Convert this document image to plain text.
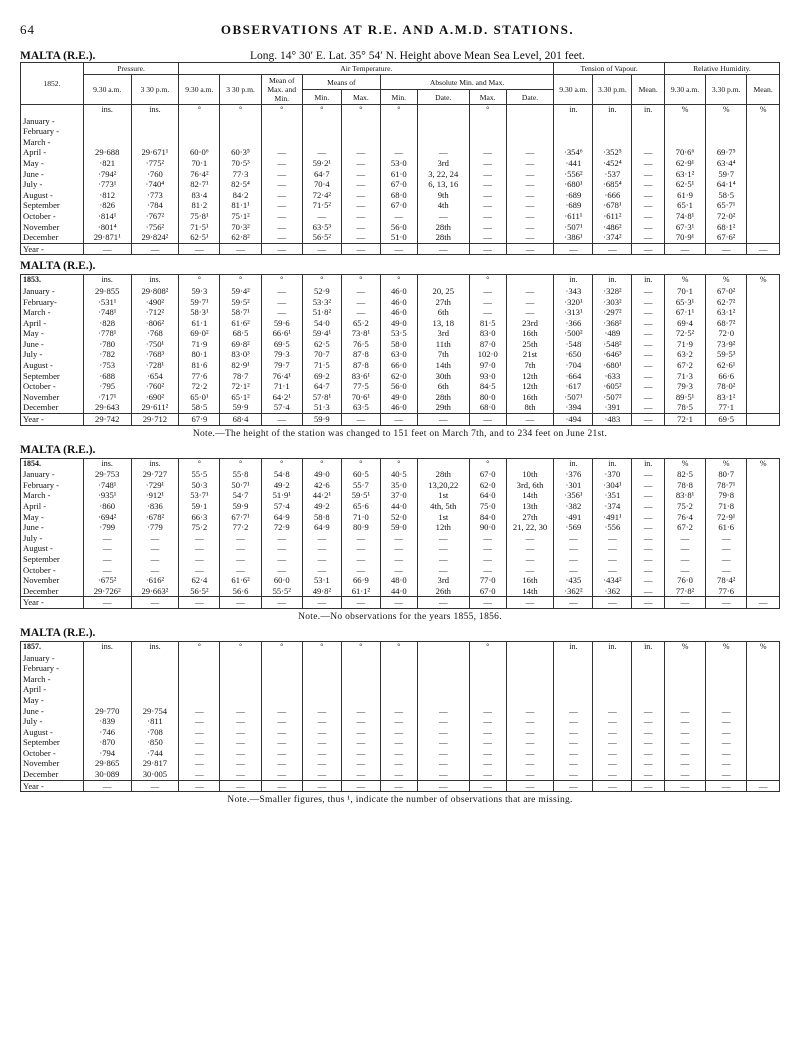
64	OBSERVATIONS AT R.E. AND A.M.D. STATIONS.
MALTA (R.E.).	Long. 14° 30′ E. Lat. 35° 54′ N. Height above Mean Sea Level, 201 feet.
1852.	Pressure.		Air Temperature.									Tension of Vapour.			Relative Humidity.		
	9.30 a.m.	3 30 p.m.	9.30 a.m.	3 30 p.m.	Mean of Max. and Min.	Means of		Absolute Min. and Max.				9.30 a.m.	3.30 p.m.	Mean.	9.30 a.m.	3.30 p.m.	Mean.
						Min.	Max.	Min.	Date.	Max.	Date.						
	ins.	ins.	°	°	°	°	°	°		°		in.	in.	in.	%	%	%
January -																	
February -																	
March -																	
April -	29·688	29·671¹	60·0⁶	60·3⁵	—	—	—	—	—	—	—	·354⁶	·352⁵	—	70·6⁶	69·7⁵	
May -	·821	·775²	70·1	70·5³	—	59·2¹	—	53·0	3rd	—	—	·441	·452⁴	—	62·9¹	63·4⁴	
June -	·794²	·760	76·4²	77·3	—	64·7	—	61·0	3, 22, 24	—	—	·556²	·537	—	63·1²	59·7	
July -	·773¹	·740⁴	82·7¹	82·5⁴	—	70·4	—	67·0	6, 13, 16	—	—	·680¹	·685⁴	—	62·5¹	64·1⁴	
August -	·812	·773	83·4	84·2	—	72·4²	—	68·0	9th	—	—	·689	·666	—	61·9	58·5	
September	·826	·784	81·2	81·1¹	—	71·5²	—	67·0	4th	—	—	·689	·678¹	—	65·1	65·7¹	
October -	·814¹	·767²	75·8¹	75·1²	—	—	—	—	—	—	—	·611¹	·611²	—	74·8¹	72·0²	
November	·801⁴	·756²	71·5¹	70·3²	—	63·5³	—	56·0	28th	—	—	·507¹	·486²	—	67·3¹	68·1²	
December	29·871¹	29·824²	62·5¹	62·8²	—	56·5²	—	51·0	28th	—	—	·386¹	·374²	—	70·9¹	67·6²	
Year -	—	—	—	—	—	—	—	—	—	—	—	—	—	—	—	—	—
MALTA (R.E.).
1853.	ins.	ins.	°	°	°	°	°	°		°		in.	in.	in.	%	%	%
January -	29·855	29·808²	59·3	59·4²	—	52·9	—	46·0	20, 25	—	—	·343	·328²	—	70·1	67·0²	
February-	·531¹	·490²	59·7¹	59·5²	—	53·3²	—	46·0	27th	—	—	·320¹	·303²	—	65·3¹	62·7²	
March -	·748¹	·712²	58·3¹	58·7¹	—	51·8²	—	46·0	6th	—	—	·313¹	·297²	—	67·1¹	63·1²	
April -	·828	·806²	61·1	61·6²	59·6	54·0	65·2	49·0	13, 18	81·5	23rd	·366	·368²	—	69·4	68·7²	
May -	·778¹	·768	69·0²	68·5	66·6¹	59·4¹	73·8¹	53·5	3rd	83·0	16th	·500²	·489	—	72·5²	72·0	
June -	·780	·750¹	71·9	69·8²	69·5	62·5	76·5	58·0	11th	87·0	25th	·548	·548²	—	71·9	73·9²	
July -	·782	·768³	80·1	83·0³	79·3	70·7	87·8	63·0	7th	102·0	21st	·650	·646³	—	63·2	59·5³	
August -	·753	·728¹	81·6	82·9¹	79·7	71·5	87·8	66·0	14th	97·0	7th	·704	·680¹	—	67·2	62·6¹	
September	·688	·654	77·6	78·7	76·4¹	69·2	83·6¹	62·0	30th	93·0	12th	·664	·633	—	71·3	66·6	
October -	·795	·760²	72·2	72·1²	71·1	64·7	77·5	56·0	6th	84·5	12th	·617	·605²	—	79·3	78·0²	
November	·717¹	·690²	65·0¹	65·1²	64·2¹	57·8¹	70·6¹	49·0	28th	80·0	16th	·507¹	·507²	—	89·5¹	83·1²	
December	29·643	29·611²	58·5	59·9	57·4	51·3	63·5	46·0	29th	68·0	8th	·394	·391	—	78·5	77·1	
Year -	29·742	29·712	67·9	68·4	—	59·9	—	—	—	—	—	·494	·483	—	72·1	69·5	
Note.—The height of the station was changed to 151 feet on March 7th, and to 234 feet on June 21st.
MALTA (R.E.).
1854.	ins.	ins.	°	°	°	°	°	°		°		in.	in.	in.	%	%	%
January -	29·753	29·727	55·5	55·8	54·8	49·0	60·5	40·5	28th	67·0	10th	·376	·370	—	82·5	80·7	
February -	·748¹	·729¹	50·3	50·7¹	49·2	42·6	55·7	35·0	13,20,22	62·0	3rd, 6th	·301	·304¹	—	78·8	78·7¹	
March -	·935¹	·912¹	53·7¹	54·7	51·9¹	44·2¹	59·5¹	37·0	1st	64·0	14th	·356¹	·351	—	83·8¹	79·8	
April -	·860	·836	59·1	59·9	57·4	49·2	65·6	44·0	4th, 5th	75·0	13th	·382	·374	—	75·2	71·8	
May -	·694²	·678²	66·3	67·7¹	64·9	58·8	71·0	52·0	1st	84·0	27th	·491	·491¹	—	76·4	72·9¹	
June -	·799	·779	75·2	77·2	72·9	64·9	80·9	59·0	12th	90·0	21, 22, 30	·569	·556	—	67·2	61·6	
July -	—	—	—	—	—	—	—	—	—	—	—	—	—	—	—	—	
August -	—	—	—	—	—	—	—	—	—	—	—	—	—	—	—	—	
September	—	—	—	—	—	—	—	—	—	—	—	—	—	—	—	—	
October -	—	—	—	—	—	—	—	—	—	—	—	—	—	—	—	—	
November	·675²	·616²	62·4	61·6²	60·0	53·1	66·9	48·0	3rd	77·0	16th	·435	·434²	—	76·0	78·4²	
December	29·726²	29·663²	56·5²	56·6	55·5²	49·8²	61·1²	44·0	26th	67·0	14th	·362²	·362	—	77·8²	77·6	
Year -	—	—	—	—	—	—	—	—	—	—	—	—	—	—	—	—	—
Note.—No observations for the years 1855, 1856.
MALTA (R.E.).
1857.	ins.	ins.	°	°	°	°	°	°		°		in.	in.	in.	%	%	%
January -																	
February -																	
March -																	
April -																	
May -																	
June -	29·770	29·754	—	—	—	—	—	—	—	—	—	—	—	—	—	—	
July -	·839	·811	—	—	—	—	—	—	—	—	—	—	—	—	—	—	
August -	·746	·708	—	—	—	—	—	—	—	—	—	—	—	—	—	—	
September	·870	·850	—	—	—	—	—	—	—	—	—	—	—	—	—	—	
October -	·794	·744	—	—	—	—	—	—	—	—	—	—	—	—	—	—	
November	29·865	29·817	—	—	—	—	—	—	—	—	—	—	—	—	—	—	
December	30·089	30·005	—	—	—	—	—	—	—	—	—	—	—	—	—	—	
Year -	—	—	—	—	—	—	—	—	—	—	—	—	—	—	—	—	—
Note.—Smaller figures, thus ¹, indicate the number of observations that are missing.
